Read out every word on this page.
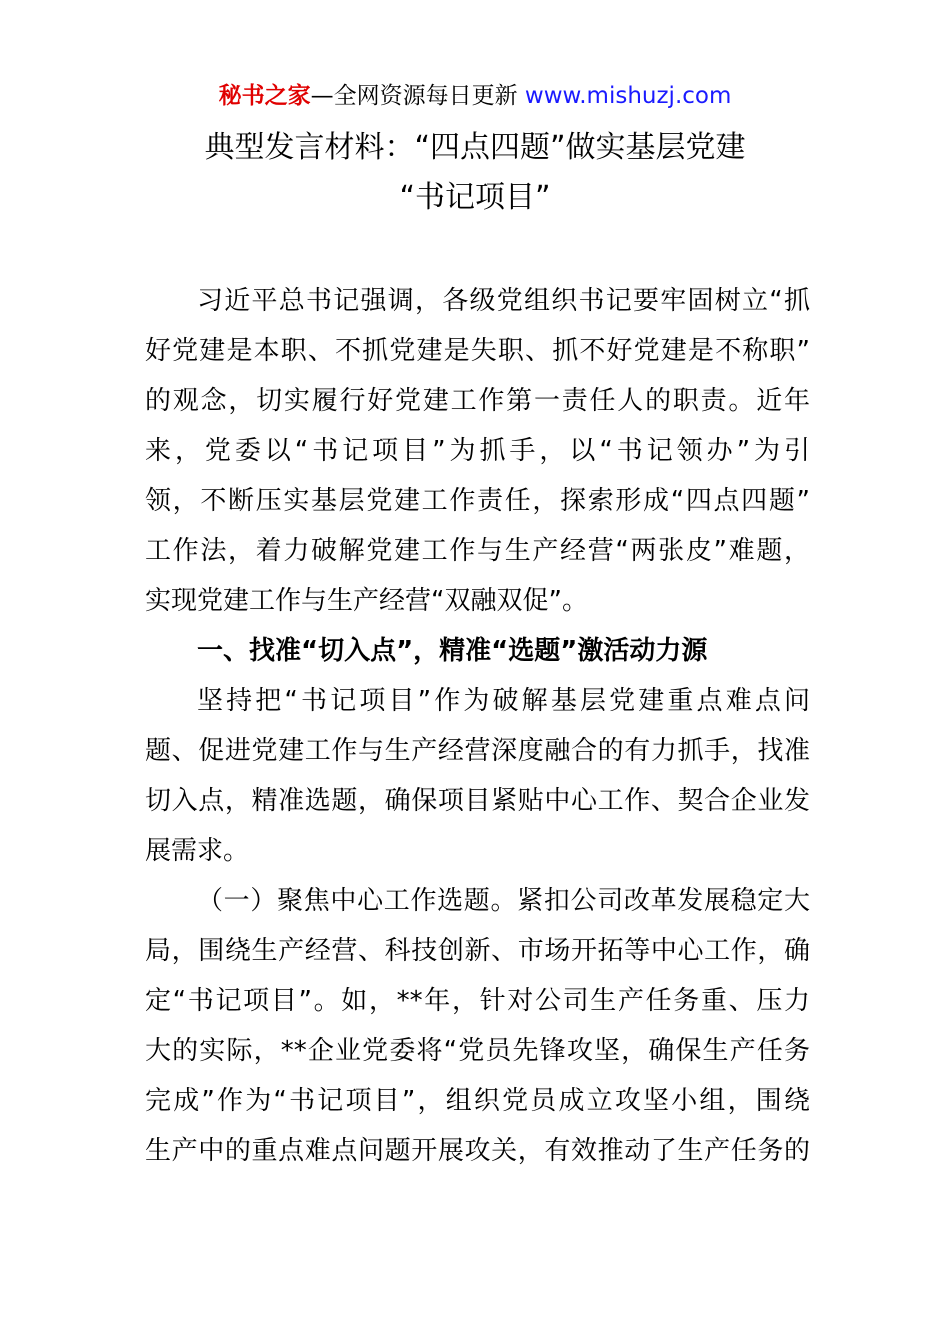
秘书之家—全网资源每日更新 www.mishuzj.com
典型发言材料：“四点四题”做实基层党建
“书记项目”
习近平总书记强调，各级党组织书记要牢固树立“抓
好党建是本职、不抓党建是失职、抓不好党建是不称职”
的观念，切实履行好党建工作第一责任人的职责。近年
来，党委以“书记项目”为抓手，以“书记领办”为引
领，不断压实基层党建工作责任，探索形成“四点四题”
工作法，着力破解党建工作与生产经营“两张皮”难题，
实现党建工作与生产经营“双融双促”。
一、找准“切入点”，精准“选题”激活动力源
坚持把“书记项目”作为破解基层党建重点难点问
题、促进党建工作与生产经营深度融合的有力抓手，找准
切入点，精准选题，确保项目紧贴中心工作、契合企业发
展需求。
（一）聚焦中心工作选题。紧扣公司改革发展稳定大
局，围绕生产经营、科技创新、市场开拓等中心工作，确
定“书记项目”。如，**年，针对公司生产任务重、压力
大的实际，**企业党委将“党员先锋攻坚，确保生产任务
完成”作为“书记项目”，组织党员成立攻坚小组，围绕
生产中的重点难点问题开展攻关，有效推动了生产任务的
